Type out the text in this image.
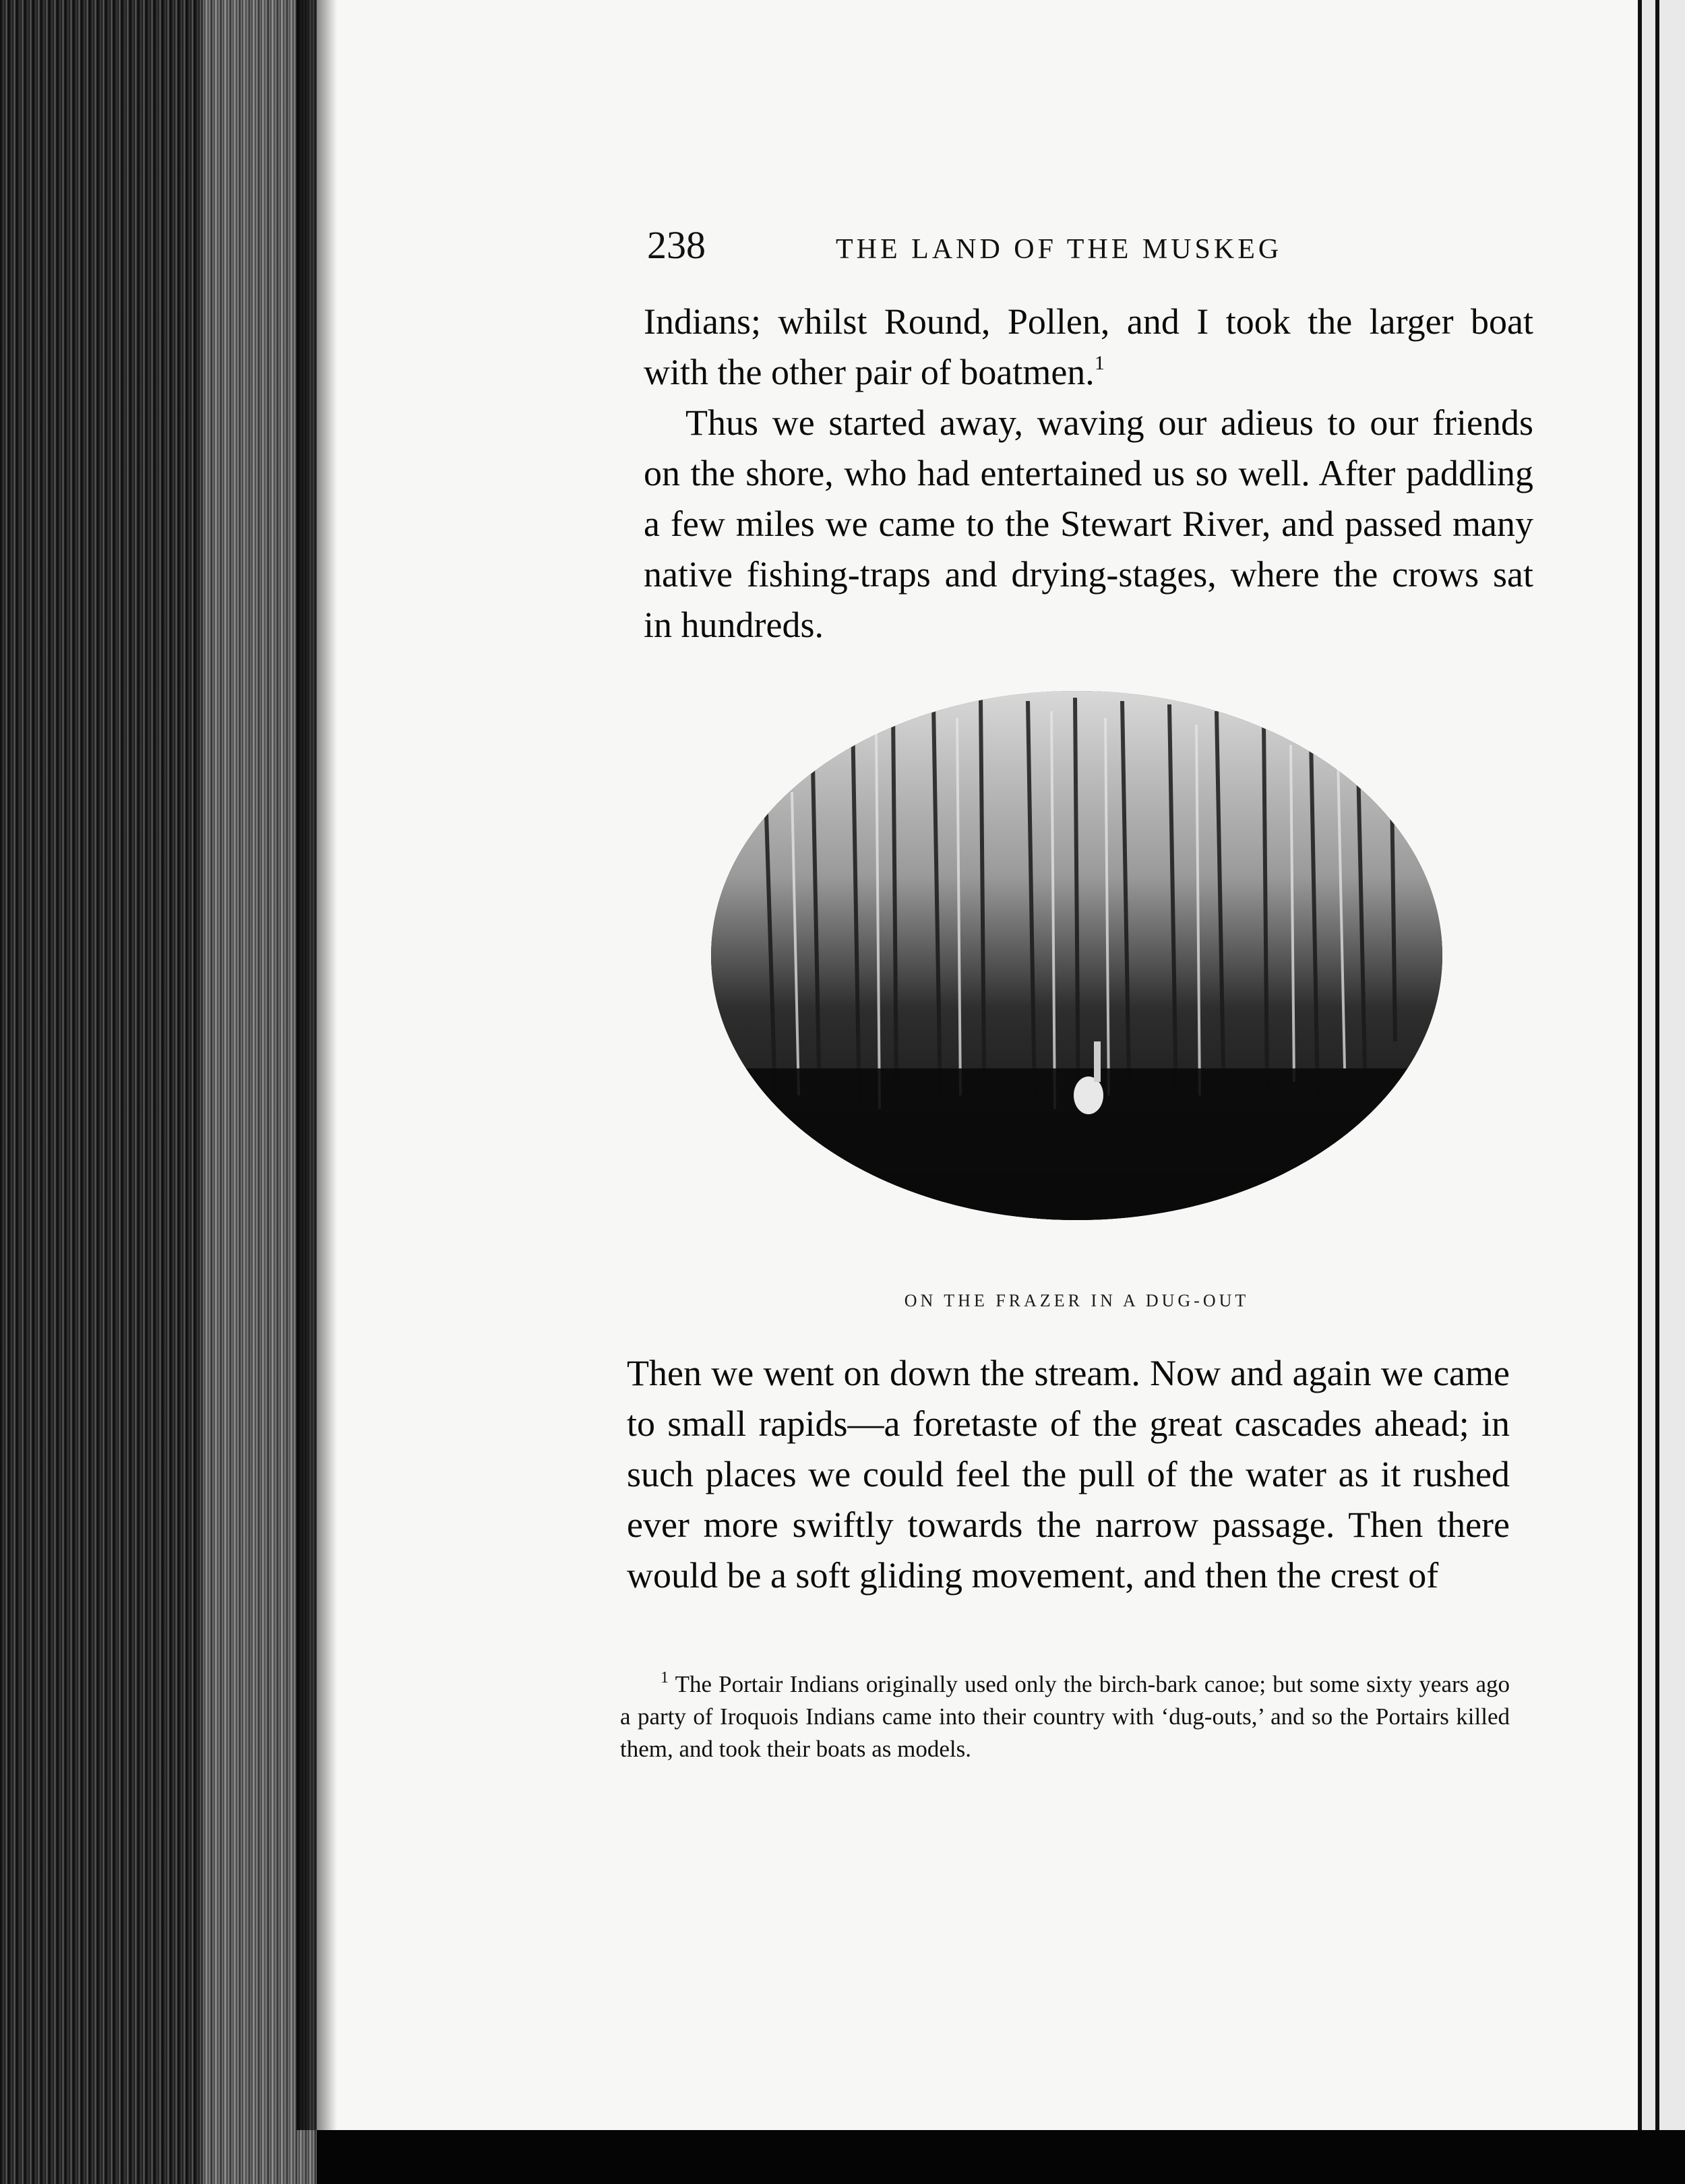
238	THE LAND OF THE MUSKEG

Indians; whilst Round, Pollen, and I took the larger boat with the other pair of boatmen.$^1$

Thus we started away, waving our adieus to our friends on the shore, who had entertained us so well. After paddling a few miles we came to the Stewart River, and passed many native fishing-traps and drying-stages, where the crows sat in hundreds.

ON THE FRAZER IN A DUG-OUT

Then we went on down the stream. Now and again we came to small rapids—a foretaste of the great cascades ahead; in such places we could feel the pull of the water as it rushed ever more swiftly towards the narrow passage. Then there would be a soft gliding movement, and then the crest of

$^1$ The Portair Indians originally used only the birch-bark canoe; but some sixty years ago a party of Iroquois Indians came into their country with ‘dug-outs,’ and so the Portairs killed them, and took their boats as models.
